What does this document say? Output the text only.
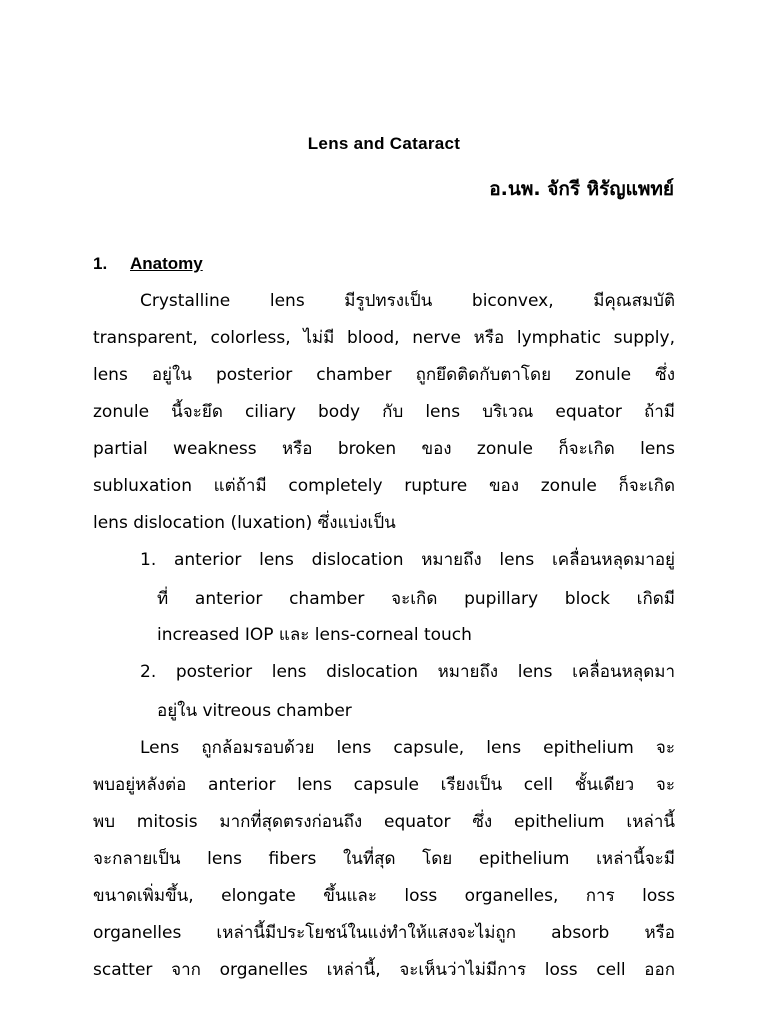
Lens and Cataract
อ.นพ. จักรี หิรัญแพทย์
1. Anatomy
Crystalline lens มีรูปทรงเป็น biconvex, มีคุณสมบัติ
transparent, colorless, ไม่มี blood, nerve หรือ lymphatic supply,
lens อยู่ใน posterior chamber ถูกยึดติดกับตาโดย zonule ซึ่ง
zonule นี้จะยึด ciliary body กับ lens บริเวณ equator ถ้ามี
partial weakness หรือ broken ของ zonule ก็จะเกิด lens
subluxation แต่ถ้ามี completely rupture ของ zonule ก็จะเกิด
lens dislocation (luxation) ซึ่งแบ่งเป็น
1. anterior lens dislocation หมายถึง lens เคลื่อนหลุดมาอยู่
ที่ anterior chamber จะเกิด pupillary block เกิดมี
increased IOP และ lens-corneal touch
2. posterior lens dislocation หมายถึง lens เคลื่อนหลุดมา
อยู่ใน vitreous chamber
Lens ถูกล้อมรอบด้วย lens capsule, lens epithelium จะ
พบอยู่หลังต่อ anterior lens capsule เรียงเป็น cell ชั้นเดียว จะ
พบ mitosis มากที่สุดตรงก่อนถึง equator ซึ่ง epithelium เหล่านี้
จะกลายเป็น lens fibers ในที่สุด โดย epithelium เหล่านี้จะมี
ขนาดเพิ่มขึ้น, elongate ขึ้นและ loss organelles, การ loss
organelles เหล่านี้มีประโยชน์ในแง่ทำให้แสงจะไม่ถูก absorb หรือ
scatter จาก organelles เหล่านี้, จะเห็นว่าไม่มีการ loss cell ออก
